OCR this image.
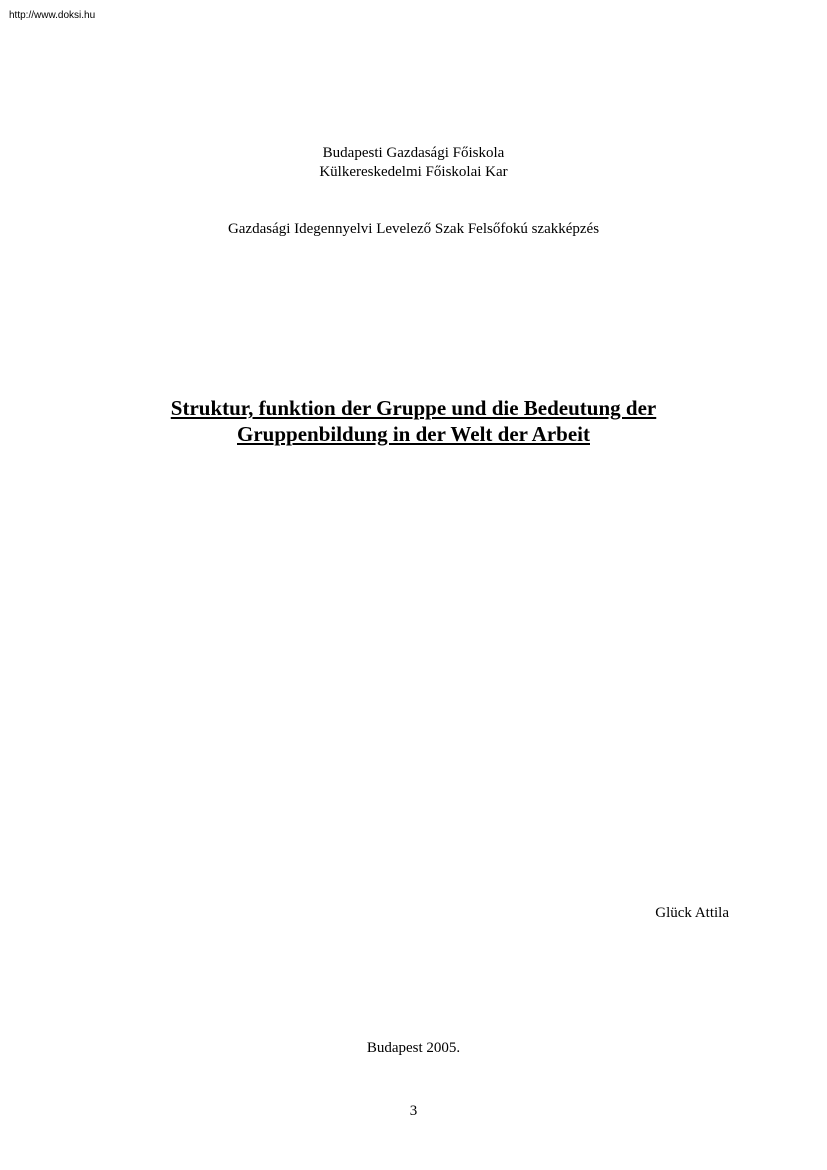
http://www.doksi.hu
Budapesti Gazdasági Főiskola
Külkereskedelmi Főiskolai Kar
Gazdasági Idegennyelvi Levelező Szak Felsőfokú szakképzés
Struktur, funktion der Gruppe und die Bedeutung der
Gruppenbildung in der Welt der Arbeit
Glück Attila
Budapest 2005.
3
